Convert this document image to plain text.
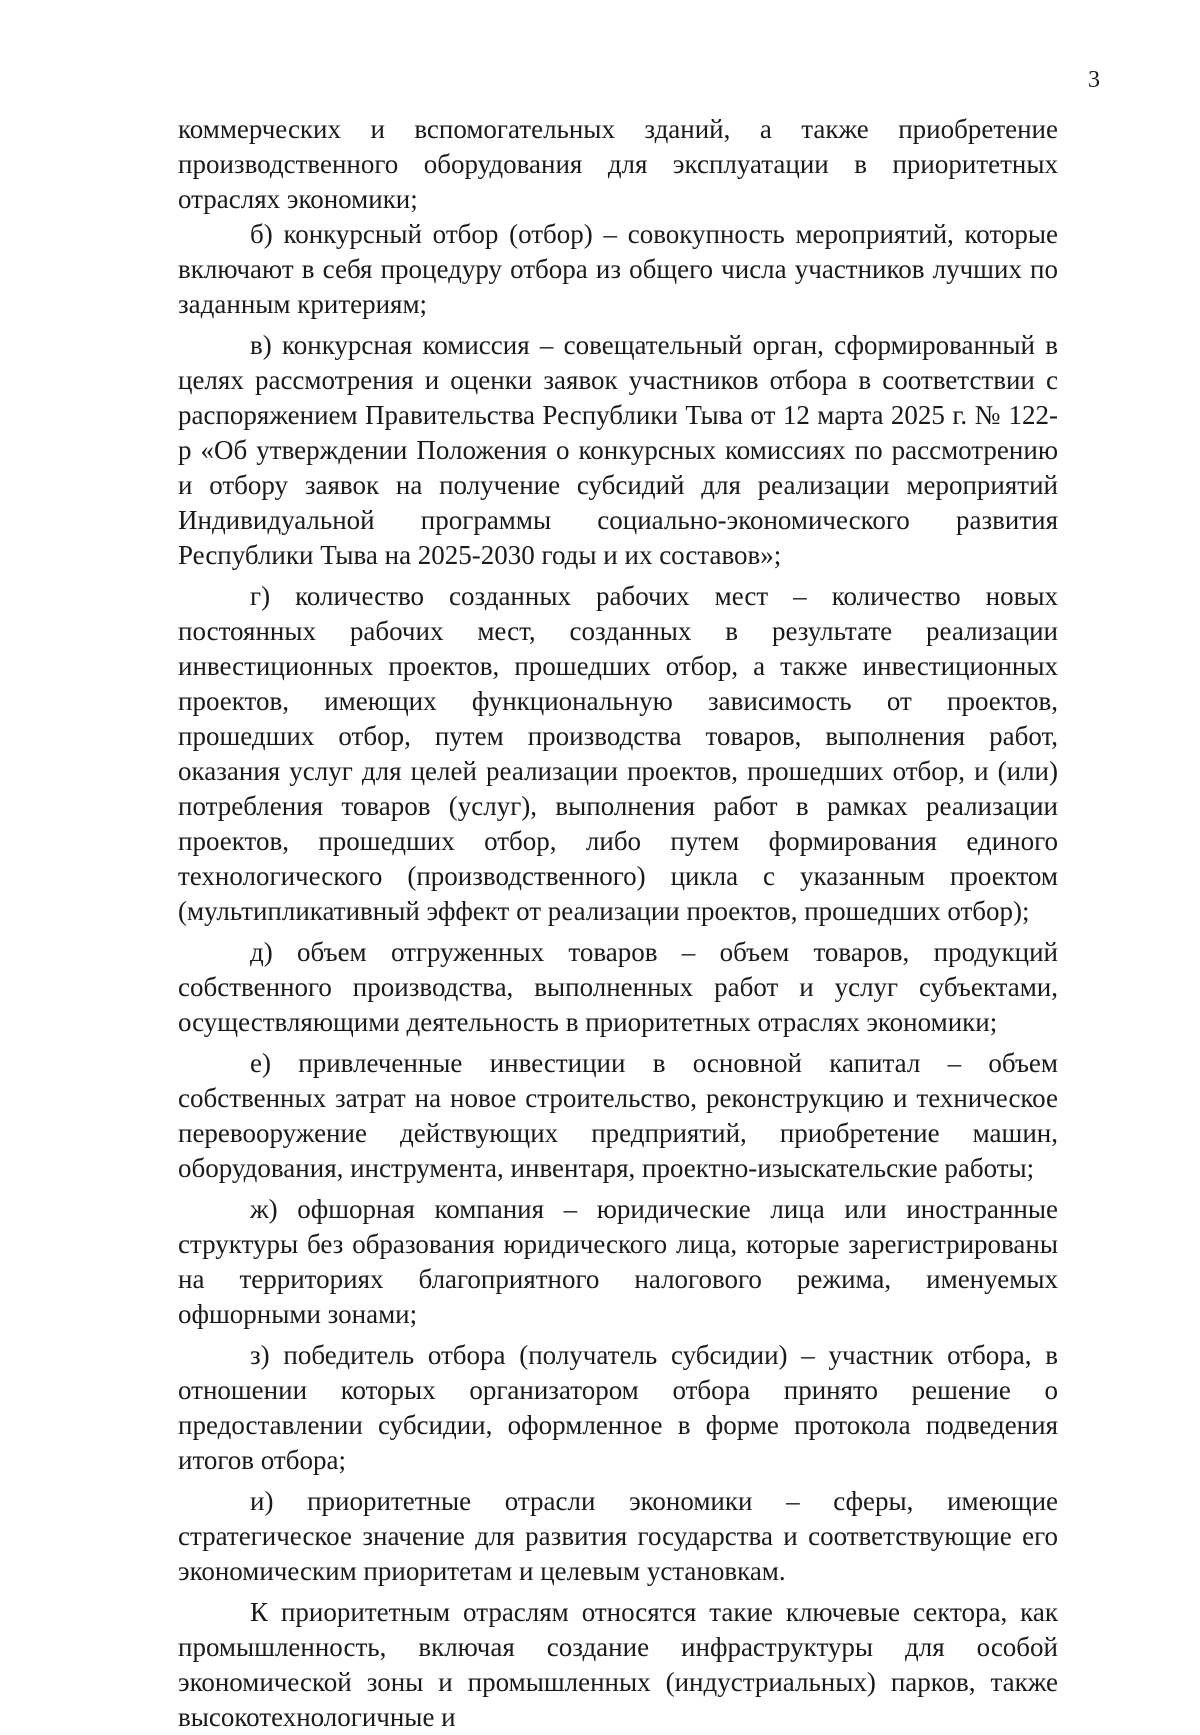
3

коммерческих и вспомогательных зданий, а также приобретение производственного оборудования для эксплуатации в приоритетных отраслях экономики;

б) конкурсный отбор (отбор) – совокупность мероприятий, которые включают в себя процедуру отбора из общего числа участников лучших по заданным критериям;

в) конкурсная комиссия – совещательный орган, сформированный в целях рассмотрения и оценки заявок участников отбора в соответствии с распоряжением Правительства Республики Тыва от 12 марта 2025 г. № 122-р «Об утверждении Положения о конкурсных комиссиях по рассмотрению и отбору заявок на получение субсидий для реализации мероприятий Индивидуальной программы социально-экономического развития Республики Тыва на 2025-2030 годы и их составов»;

г) количество созданных рабочих мест – количество новых постоянных рабочих мест, созданных в результате реализации инвестиционных проектов, прошедших отбор, а также инвестиционных проектов, имеющих функциональную зависимость от проектов, прошедших отбор, путем производства товаров, выполнения работ, оказания услуг для целей реализации проектов, прошедших отбор, и (или) потребления товаров (услуг), выполнения работ в рамках реализации проектов, прошедших отбор, либо путем формирования единого технологического (производственного) цикла с указанным проектом (мультипликативный эффект от реализации проектов, прошедших отбор);

д) объем отгруженных товаров – объем товаров, продукций собственного производства, выполненных работ и услуг субъектами, осуществляющими деятельность в приоритетных отраслях экономики;

е) привлеченные инвестиции в основной капитал – объем собственных затрат на новое строительство, реконструкцию и техническое перевооружение действующих предприятий, приобретение машин, оборудования, инструмента, инвентаря, проектно-изыскательские работы;

ж) офшорная компания – юридические лица или иностранные структуры без образования юридического лица, которые зарегистрированы на территориях благоприятного налогового режима, именуемых офшорными зонами;

з) победитель отбора (получатель субсидии) – участник отбора, в отношении которых организатором отбора принято решение о предоставлении субсидии, оформленное в форме протокола подведения итогов отбора;

и) приоритетные отрасли экономики – сферы, имеющие стратегическое значение для развития государства и соответствующие его экономическим приоритетам и целевым установкам.

К приоритетным отраслям относятся такие ключевые сектора, как промышленность, включая создание инфраструктуры для особой экономической зоны и промышленных (индустриальных) парков, также высокотехнологичные и
